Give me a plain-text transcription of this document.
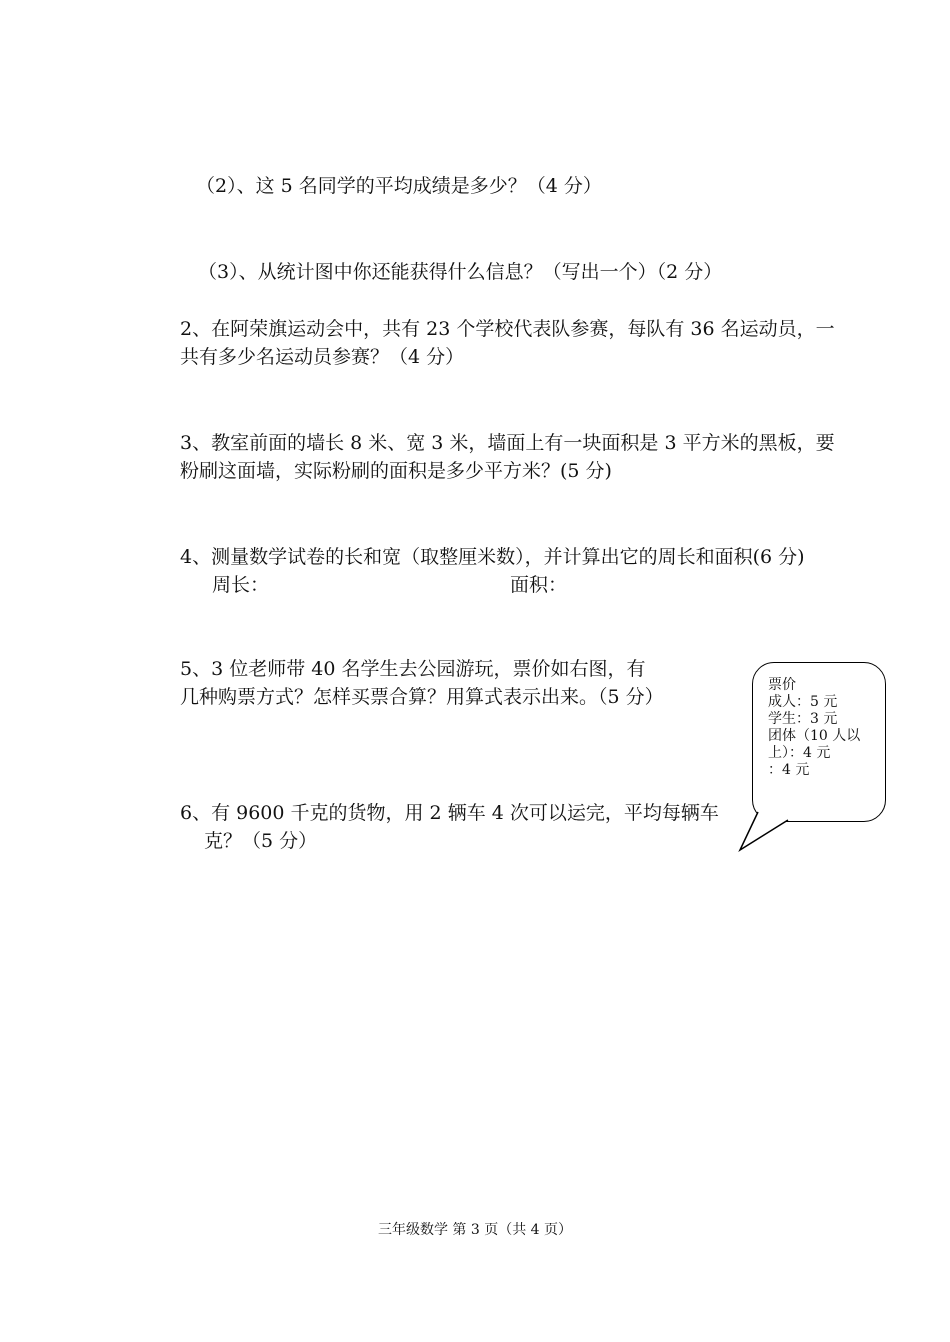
（2）、这 5 名同学的平均成绩是多少？（4 分）
（3）、从统计图中你还能获得什么信息？（写出一个）（2 分）
2、在阿荣旗运动会中，共有 23 个学校代表队参赛，每队有 36 名运动员，一
共有多少名运动员参赛？（4 分）
3、教室前面的墙长 8 米、宽 3 米，墙面上有一块面积是 3 平方米的黑板，要
粉刷这面墙，实际粉刷的面积是多少平方米？(5 分)
4、测量数学试卷的长和宽（取整厘米数），并计算出它的周长和面积(6 分)
周长：	面积：
5、3 位老师带 40 名学生去公园游玩，票价如右图，有
几种购票方式？怎样买票合算？用算式表示出来。（5 分）
6、有 9600 千克的货物，用 2 辆车 4 次可以运完，平均每辆车
克？（5 分）
票价
成人：5 元
学生：3 元
团体（10 人以
上）：4 元
：4 元
三年级数学 第 3 页（共 4 页）
